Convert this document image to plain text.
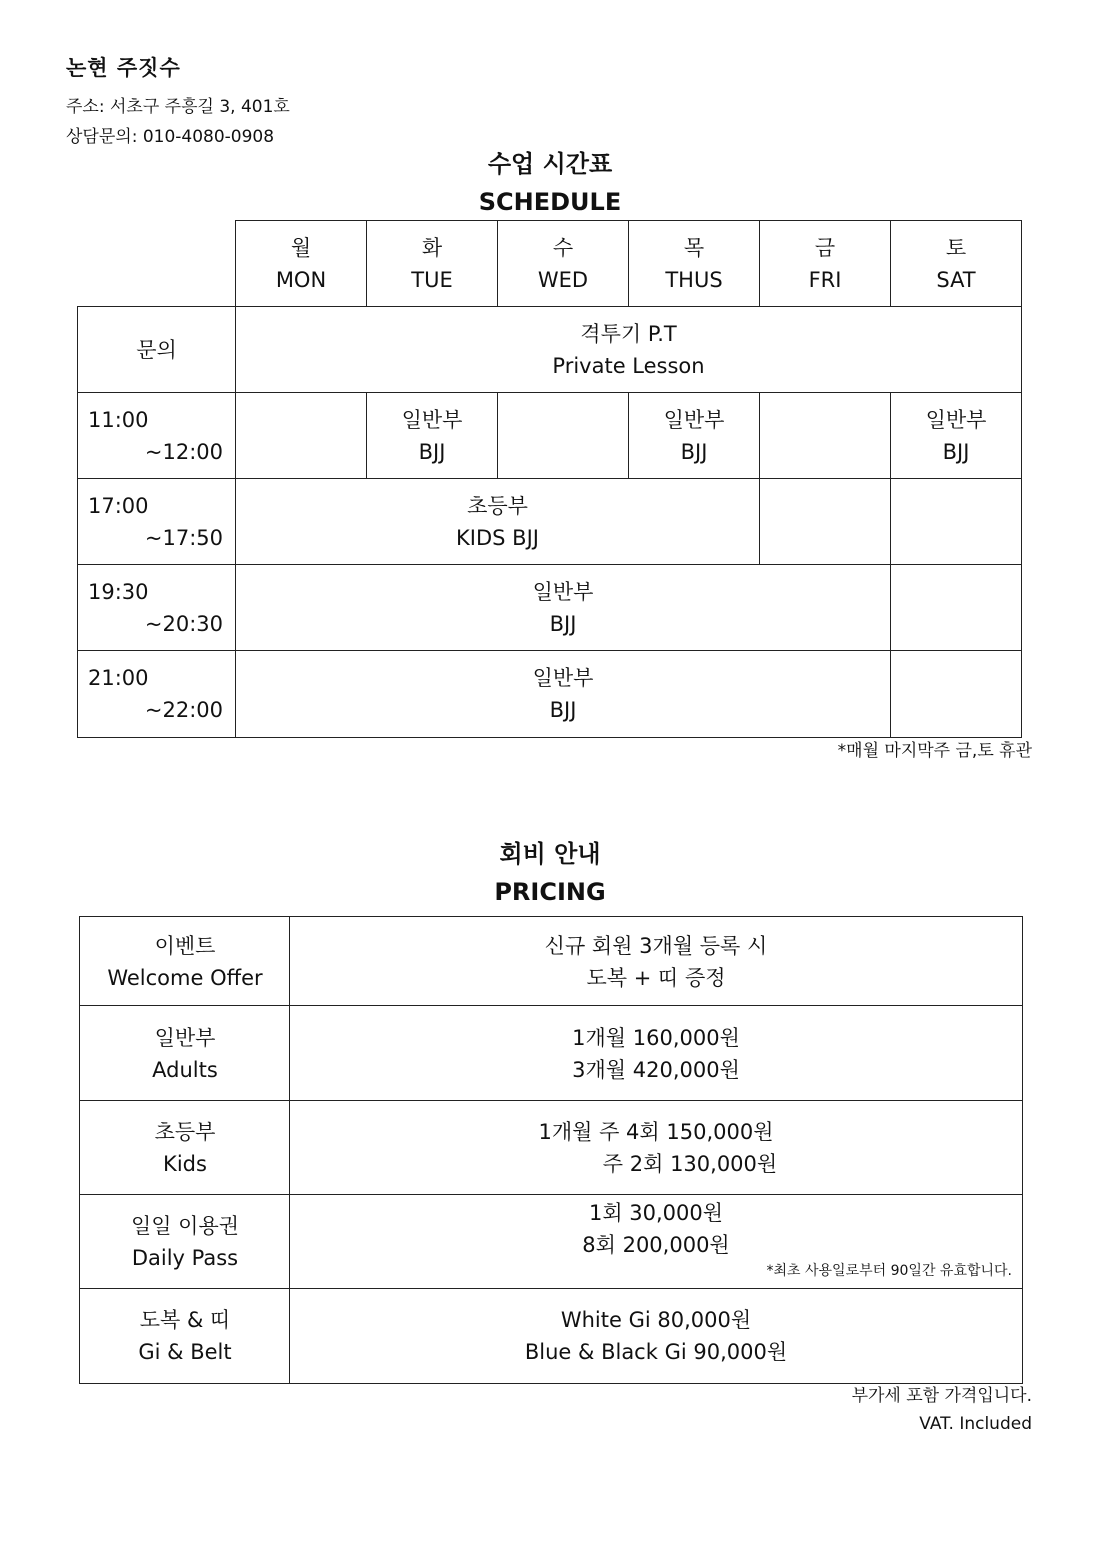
논현 주짓수
주소: 서초구 주흥길 3, 401호
상담문의: 010-4080-0908
수업 시간표
SCHEDULE
월
MON
화
TUE
수
WED
목
THUS
금
FRI
토
SAT
문의
격투기 P.T
Private Lesson
11:00
~12:00
일반부
BJJ
일반부
BJJ
일반부
BJJ
17:00
~17:50
초등부
KIDS BJJ
19:30
~20:30
일반부
BJJ
21:00
~22:00
일반부
BJJ
*매월 마지막주 금,토 휴관
회비 안내
PRICING
이벤트
Welcome Offer
신규 회원 3개월 등록 시
도복 + 띠 증정
일반부
Adults
1개월 160,000원
3개월 420,000원
초등부
Kids
1개월 주 4회 150,000원
주 2회 130,000원
일일 이용권
Daily Pass
1회 30,000원
8회 200,000원
*최초 사용일로부터 90일간 유효합니다.
도복 & 띠
Gi & Belt
White Gi 80,000원
Blue & Black Gi 90,000원
부가세 포함 가격입니다.
VAT. Included
